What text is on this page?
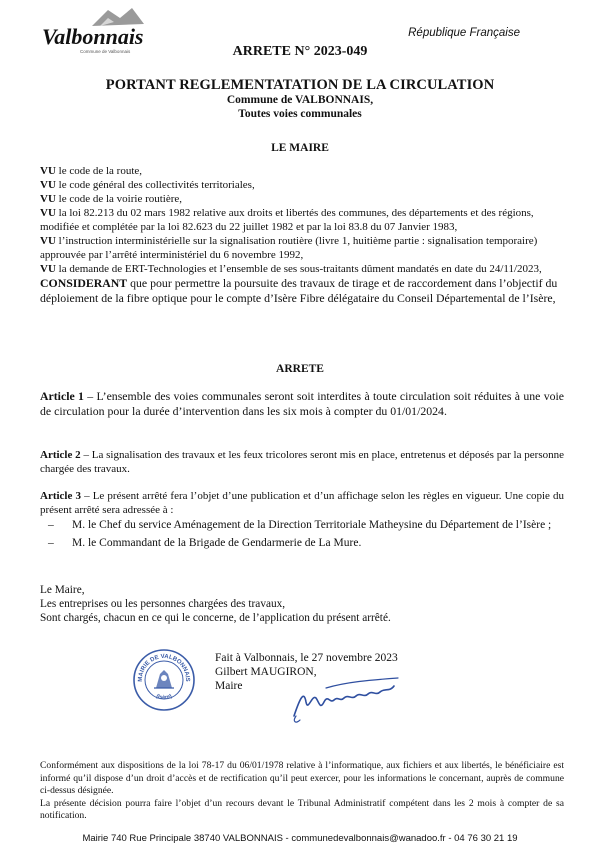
Valbonnais
Commune de Valbonnais
République Française
ARRETE N° 2023-049
PORTANT REGLEMENTATATION DE LA CIRCULATION
Commune de VALBONNAIS,
Toutes voies communales
LE MAIRE

VU le code de la route,

VU le code général des collectivités territoriales,

VU le code de la voirie routière,

VU la loi 82.213 du 02 mars 1982 relative aux droits et libertés des communes, des départements et des régions, modifiée et complétée par la loi 82.623 du 22 juillet 1982 et par la loi 83.8 du 07 Janvier 1983,

VU l’instruction interministérielle sur la signalisation routière (livre 1, huitième partie : signalisation temporaire) approuvée par l’arrêté interministériel du 6 novembre 1992,

VU la demande de ERT-Technologies et l’ensemble de ses sous-traitants dûment mandatés en date du 24/11/2023,

CONSIDERANT que pour permettre la poursuite des travaux de tirage et de raccordement dans l’objectif du déploiement de la fibre optique pour le compte d’Isère Fibre délégataire du Conseil Départemental de l’Isère,

ARRETE
Article 1 – L’ensemble des voies communales seront soit interdites à toute circulation soit réduites à une voie de circulation pour la durée d’intervention dans les six mois à compter du 01/01/2024.
Article 2 – La signalisation des travaux et les feux tricolores seront mis en place, entretenus et déposés par la personne chargée des travaux.
Article 3 – Le présent arrêté fera l’objet d’une publication et d’un affichage selon les règles en vigueur. Une copie du présent arrêté sera adressée à :
–	M. le Chef du service Aménagement de la Direction Territoriale Matheysine du Département de l’Isère ;
–	M. le Commandant de la Brigade de Gendarmerie de La Mure.
Le Maire,
Les entreprises ou les personnes chargées des travaux,
Sont chargés, chacun en ce qui le concerne, de l’application du présent arrêté.
MAIRIE DE VALBONNAIS
(Isère)
Fait à Valbonnais, le 27 novembre 2023
Gilbert MAUGIRON,
Maire
Conformément aux dispositions de la loi 78-17 du 06/01/1978 relative à l’informatique, aux fichiers et aux libertés, le bénéficiaire est informé qu’il dispose d’un droit d’accès et de rectification qu’il peut exercer, pour les informations le concernant, auprès de commune ci-dessus désignée.
La présente décision pourra faire l’objet d’un recours devant le Tribunal Administratif compétent dans les 2 mois à compter de sa notification.
Mairie 740 Rue Principale 38740 VALBONNAIS - communedevalbonnais@wanadoo.fr - 04 76 30 21 19
